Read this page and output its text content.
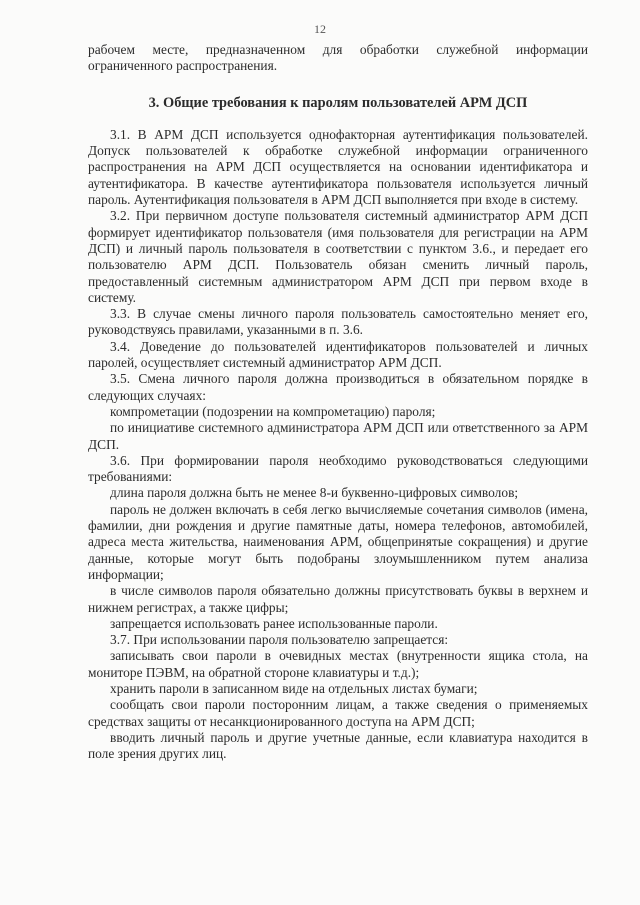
12

рабочем месте, предназначенном для обработки служебной информации ограниченного распространения.

3. Общие требования к паролям пользователей АРМ ДСП

3.1. В АРМ ДСП используется однофакторная аутентификация пользователей. Допуск пользователей к обработке служебной информации ограниченного распространения на АРМ ДСП осуществляется на основании идентификатора и аутентификатора. В качестве аутентификатора пользователя используется личный пароль. Аутентификация пользователя в АРМ ДСП выполняется при входе в систему.

3.2. При первичном доступе пользователя системный администратор АРМ ДСП формирует идентификатор пользователя (имя пользователя для регистрации на АРМ ДСП) и личный пароль пользователя в соответствии с пунктом 3.6., и передает его пользователю АРМ ДСП. Пользователь обязан сменить личный пароль, предоставленный системным администратором АРМ ДСП при первом входе в систему.

3.3. В случае смены личного пароля пользователь самостоятельно меняет его, руководствуясь правилами, указанными в п. 3.6.

3.4. Доведение до пользователей идентификаторов пользователей и личных паролей, осуществляет системный администратор АРМ ДСП.

3.5. Смена личного пароля должна производиться в обязательном порядке в следующих случаях:

компрометации (подозрении на компрометацию) пароля;

по инициативе системного администратора АРМ ДСП или ответственного за АРМ ДСП.

3.6. При формировании пароля необходимо руководствоваться следующими требованиями:

длина пароля должна быть не менее 8-и буквенно-цифровых символов;

пароль не должен включать в себя легко вычисляемые сочетания символов (имена, фамилии, дни рождения и другие памятные даты, номера телефонов, автомобилей, адреса места жительства, наименования АРМ, общепринятые сокращения) и другие данные, которые могут быть подобраны злоумышленником путем анализа информации;

в числе символов пароля обязательно должны присутствовать буквы в верхнем и нижнем регистрах, а также цифры;

запрещается использовать ранее использованные пароли.

3.7. При использовании пароля пользователю запрещается:

записывать свои пароли в очевидных местах (внутренности ящика стола, на мониторе ПЭВМ, на обратной стороне клавиатуры и т.д.);

хранить пароли в записанном виде на отдельных листах бумаги;

сообщать свои пароли посторонним лицам, а также сведения о применяемых средствах защиты от несанкционированного доступа на АРМ ДСП;

вводить личный пароль и другие учетные данные, если клавиатура находится в поле зрения других лиц.
